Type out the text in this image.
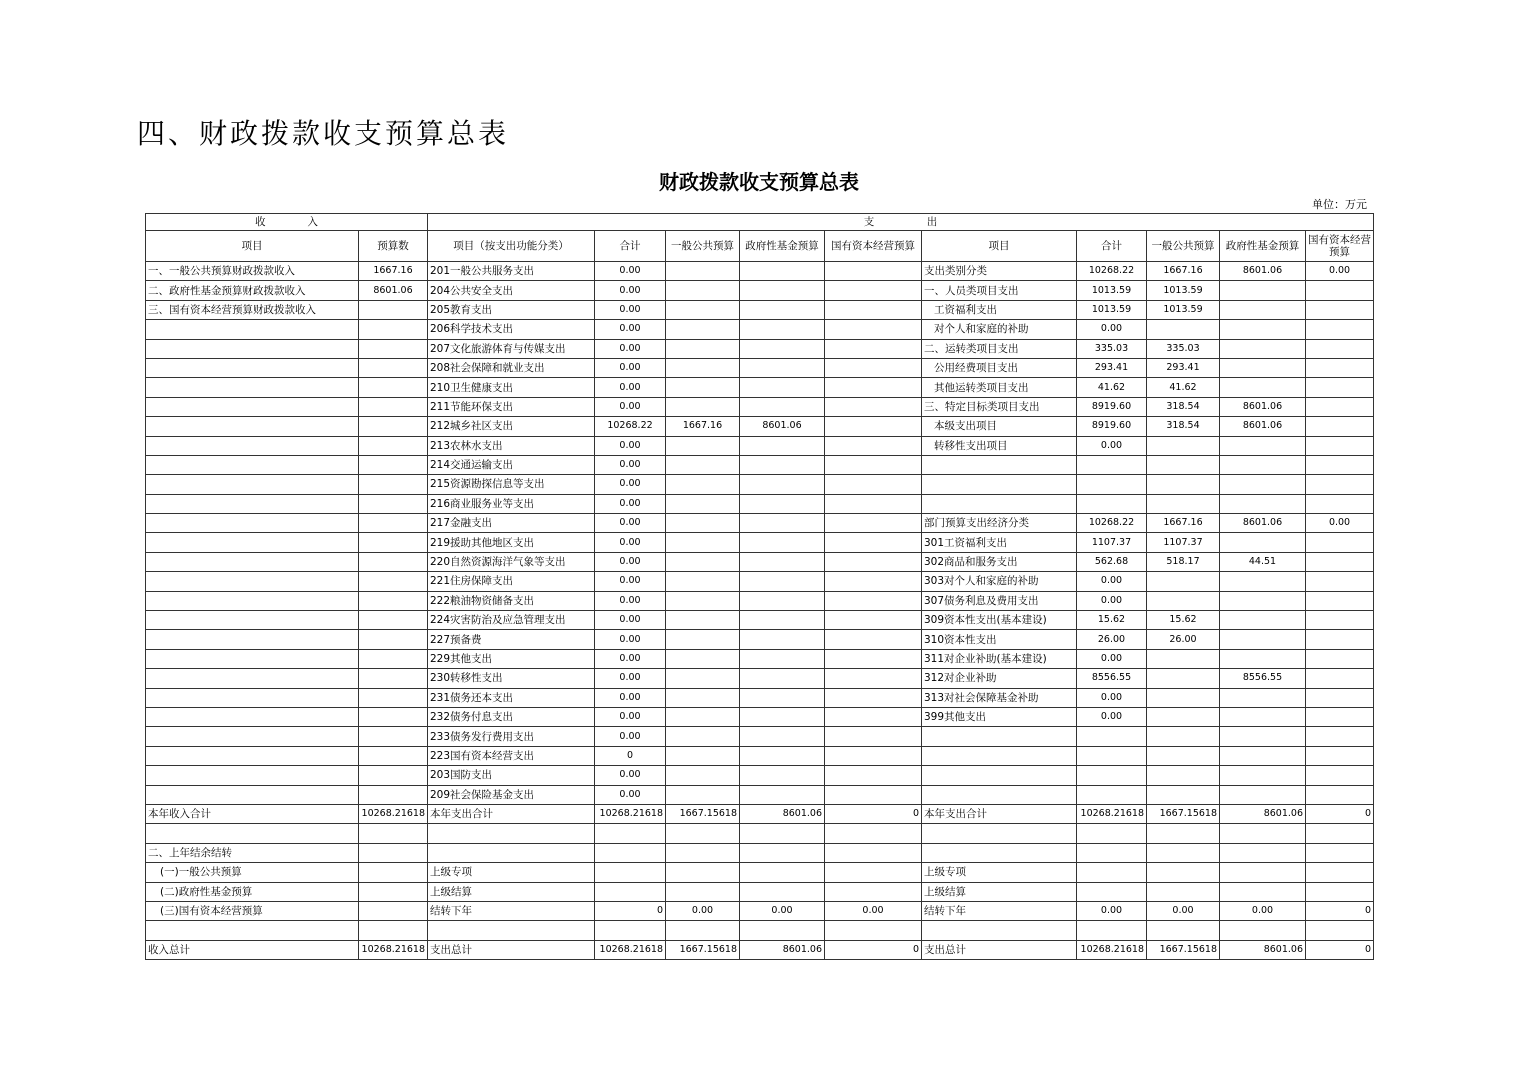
四、财政拨款收支预算总表
财政拨款收支预算总表
单位：万元
收　　　　入		支　　　　　出									
项目	预算数	项目（按支出功能分类）	合计	一般公共预算	政府性基金预算	国有资本经营预算	项目	合计	一般公共预算	政府性基金预算	国有资本经营预算
一、一般公共预算财政拨款收入	1667.16	201一般公共服务支出	0.00				支出类别分类	10268.22	1667.16	8601.06	0.00
二、政府性基金预算财政拨款收入	8601.06	204公共安全支出	0.00				一、人员类项目支出	1013.59	1013.59		
三、国有资本经营预算财政拨款收入		205教育支出	0.00				工资福利支出	1013.59	1013.59		
		206科学技术支出	0.00				对个人和家庭的补助	0.00			
		207文化旅游体育与传媒支出	0.00				二、运转类项目支出	335.03	335.03		
		208社会保障和就业支出	0.00				公用经费项目支出	293.41	293.41		
		210卫生健康支出	0.00				其他运转类项目支出	41.62	41.62		
		211节能环保支出	0.00				三、特定目标类项目支出	8919.60	318.54	8601.06	
		212城乡社区支出	10268.22	1667.16	8601.06		本级支出项目	8919.60	318.54	8601.06	
		213农林水支出	0.00				转移性支出项目	0.00			
		214交通运输支出	0.00								
		215资源勘探信息等支出	0.00								
		216商业服务业等支出	0.00								
		217金融支出	0.00				部门预算支出经济分类	10268.22	1667.16	8601.06	0.00
		219援助其他地区支出	0.00				301工资福利支出	1107.37	1107.37		
		220自然资源海洋气象等支出	0.00				302商品和服务支出	562.68	518.17	44.51	
		221住房保障支出	0.00				303对个人和家庭的补助	0.00			
		222粮油物资储备支出	0.00				307债务利息及费用支出	0.00			
		224灾害防治及应急管理支出	0.00				309资本性支出(基本建设)	15.62	15.62		
		227预备费	0.00				310资本性支出	26.00	26.00		
		229其他支出	0.00				311对企业补助(基本建设)	0.00			
		230转移性支出	0.00				312对企业补助	8556.55		8556.55	
		231债务还本支出	0.00				313对社会保障基金补助	0.00			
		232债务付息支出	0.00				399其他支出	0.00			
		233债务发行费用支出	0.00								
		223国有资本经营支出	0								
		203国防支出	0.00								
		209社会保险基金支出	0.00								
本年收入合计	10268.21618	本年支出合计	10268.21618	1667.15618	8601.06	0	本年支出合计	10268.21618	1667.15618	8601.06	0

二、上年结余结转											
(一)一般公共预算		上级专项					上级专项				
(二)政府性基金预算		上级结算					上级结算				
(三)国有资本经营预算		结转下年	0	0.00	0.00	0.00	结转下年	0.00	0.00	0.00	0

收入总计	10268.21618	支出总计	10268.21618	1667.15618	8601.06	0	支出总计	10268.21618	1667.15618	8601.06	0
